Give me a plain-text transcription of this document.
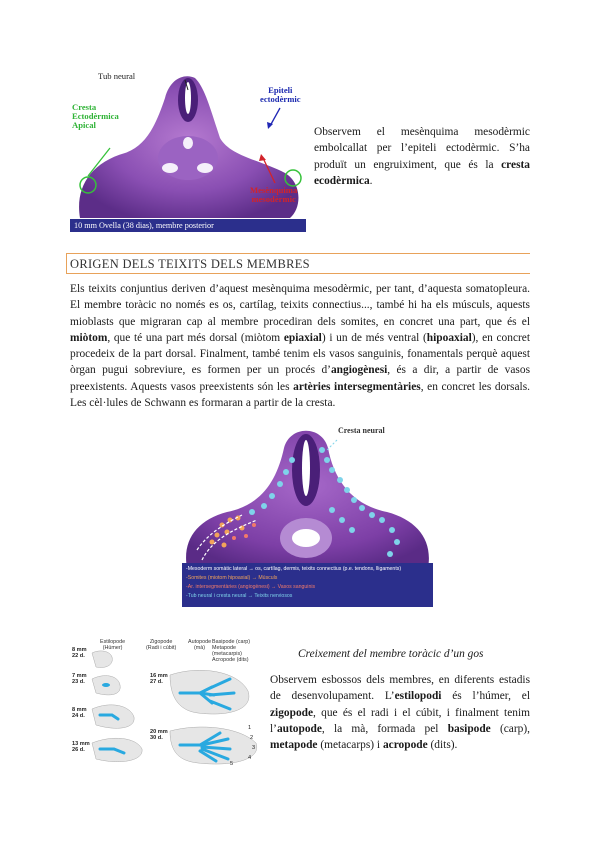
Tub neural
Epiteli
ectodèrmic
Cresta
Ectodèrmica
Apical
Mesènquima
mesodèrmic
10 mm Ovella (38 dias), membre posterior
Observem el mesènquima mesodèrmic embolcallat per l’epiteli ectodèrmic. S’ha produït un engruiximent, que és la cresta ecodèrmica.
ORIGEN DELS TEIXITS DELS MEMBRES
Els teixits conjuntius deriven d’aquest mesènquima mesodèrmic, per tant, d’aquesta somatopleura. El membre toràcic no només es os, cartílag, teixits connectius..., també hi ha els músculs, aquests mioblasts que migraran cap al membre procediran dels somites, en concret una part, que és el miòtom, que té una part més dorsal (miòtom epiaxial) i un de més ventral (hipoaxial), en concret procedeix de la part dorsal. Finalment, també tenim els vasos sanguinis, fonamentals perquè aquest òrgan pugui sobreviure, es formen per un procés d’angiogènesi, és a dir, a partir de vasos preexistents. Aquests vasos preexistents són les artèries intersegmentàries, en concret les dorsals. Les cèl·lules de Schwann es formaran a partir de la cresta.
Cresta neural
-Mesoderm somàtic lateral → os, cartílag, dermis, teixits connectius (p.e. tendons, lligaments)
-Somites (miotom hipoaxial) → Músculs
-Ar. intersegmentàries (angiogènesi) → Vasos sanguinis
-Tub neural i cresta neural → Teixits nerviosos
Estilopode
(Húmer)
Zigopode
(Radi i cúbit)
Autopode
(mà)
Basipode (carp)
Metapode (metacarpis)
Acropode (dits)
8 mm
22 d.
7 mm
23 d.
8 mm
24 d.
13 mm
26 d.
16 mm
27 d.
20 mm
30 d.
1
2
3
4
5
Creixement del membre toràcic d’un gos
Observem esbossos dels membres, en diferents estadis de desenvolupament. L’estilopodi és l’húmer, el zigopode, que és el radi i el cúbit, i finalment tenim l’autopode, la mà, formada pel basipode (carp), metapode (metacarps) i acropode (dits).
